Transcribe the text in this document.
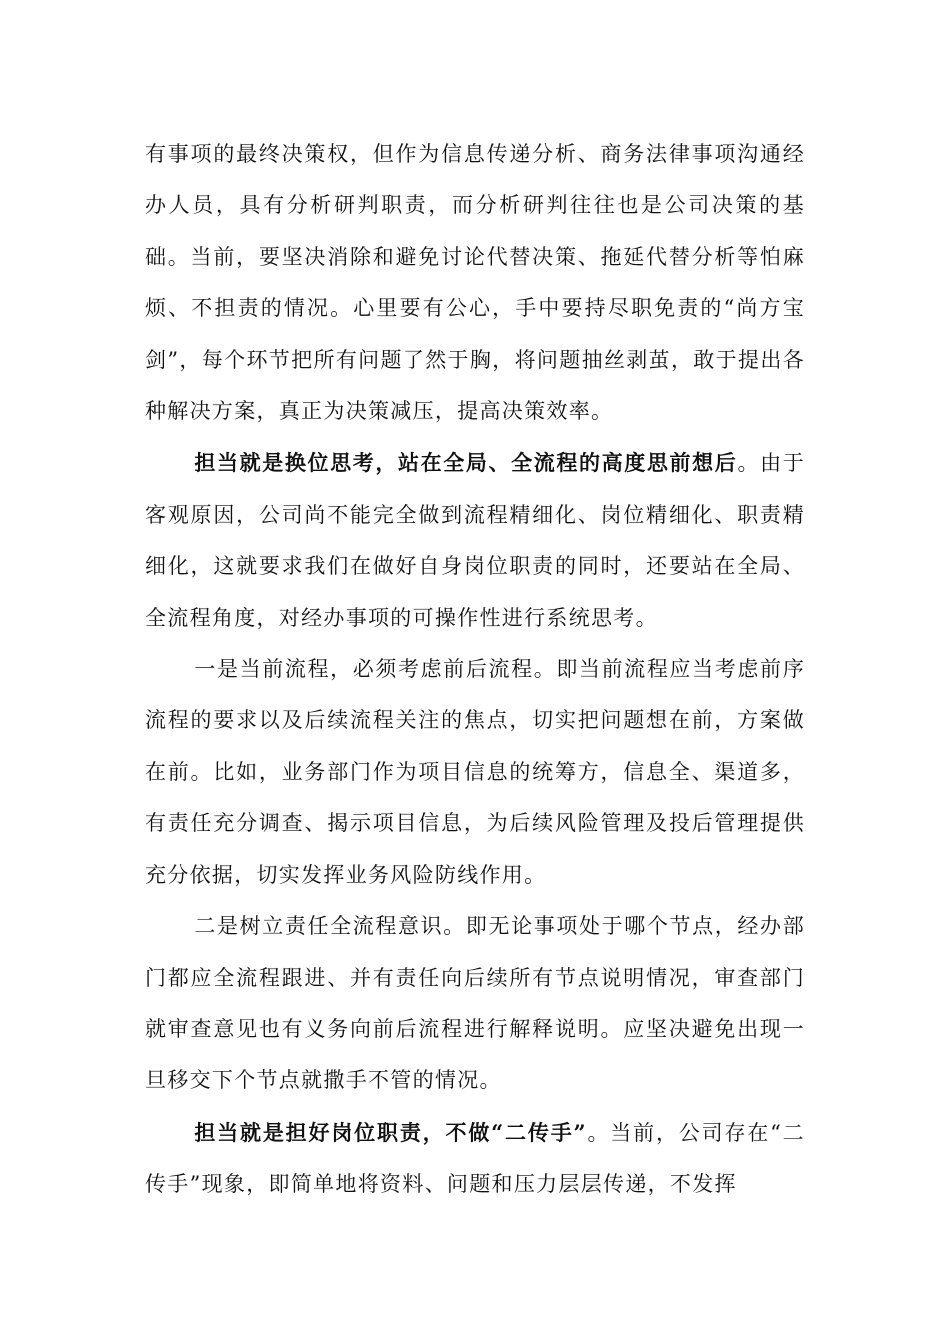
有事项的最终决策权，但作为信息传递分析、商务法律事项沟通经办人员，具有分析研判职责，而分析研判往往也是公司决策的基础。当前，要坚决消除和避免讨论代替决策、拖延代替分析等怕麻烦、不担责的情况。心里要有公心，手中要持尽职免责的“尚方宝剑”，每个环节把所有问题了然于胸，将问题抽丝剥茧，敢于提出各种解决方案，真正为决策减压，提高决策效率。

担当就是换位思考，站在全局、全流程的高度思前想后。由于客观原因，公司尚不能完全做到流程精细化、岗位精细化、职责精细化，这就要求我们在做好自身岗位职责的同时，还要站在全局、全流程角度，对经办事项的可操作性进行系统思考。

一是当前流程，必须考虑前后流程。即当前流程应当考虑前序流程的要求以及后续流程关注的焦点，切实把问题想在前，方案做在前。比如，业务部门作为项目信息的统筹方，信息全、渠道多，有责任充分调查、揭示项目信息，为后续风险管理及投后管理提供充分依据，切实发挥业务风险防线作用。

二是树立责任全流程意识。即无论事项处于哪个节点，经办部门都应全流程跟进、并有责任向后续所有节点说明情况，审查部门就审查意见也有义务向前后流程进行解释说明。应坚决避免出现一旦移交下个节点就撒手不管的情况。

担当就是担好岗位职责，不做“二传手”。当前，公司存在“二传手”现象，即简单地将资料、问题和压力层层传递，不发挥
